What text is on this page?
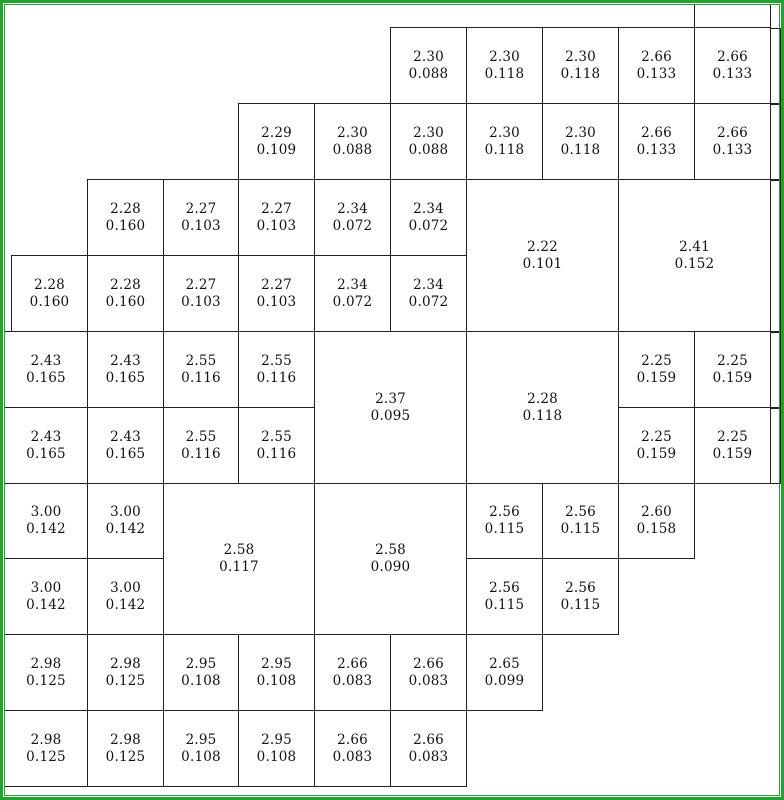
2.30
0.088
2.30
0.118
2.30
0.118
2.66
0.133
2.66
0.133
2.29
0.109
2.30
0.088
2.30
0.088
2.30
0.118
2.30
0.118
2.66
0.133
2.66
0.133
2.28
0.160
2.27
0.103
2.27
0.103
2.34
0.072
2.34
0.072
2.22
0.101
2.41
0.152
2.28
0.160
2.28
0.160
2.27
0.103
2.27
0.103
2.34
0.072
2.34
0.072
2.43
0.165
2.43
0.165
2.55
0.116
2.55
0.116
2.37
0.095
2.28
0.118
2.25
0.159
2.25
0.159
2.43
0.165
2.43
0.165
2.55
0.116
2.55
0.116
2.25
0.159
2.25
0.159
3.00
0.142
3.00
0.142
2.58
0.117
2.58
0.090
2.56
0.115
2.56
0.115
2.60
0.158
3.00
0.142
3.00
0.142
2.56
0.115
2.56
0.115
2.98
0.125
2.98
0.125
2.95
0.108
2.95
0.108
2.66
0.083
2.66
0.083
2.65
0.099
2.98
0.125
2.98
0.125
2.95
0.108
2.95
0.108
2.66
0.083
2.66
0.083
